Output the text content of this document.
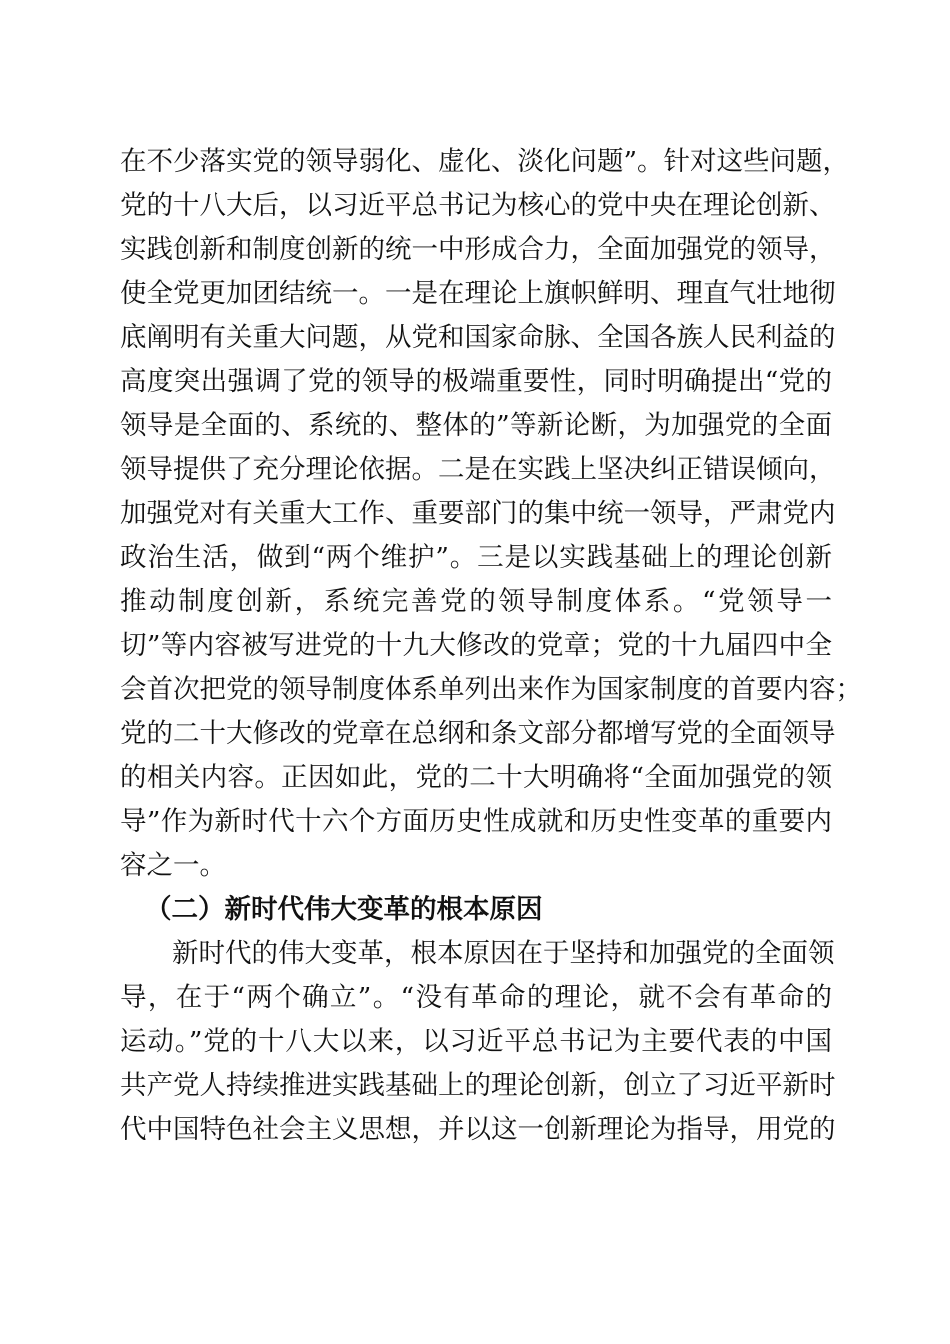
在不少落实党的领导弱化、虚化、淡化问题”。针对这些问题，
党的十八大后，以习近平总书记为核心的党中央在理论创新、
实践创新和制度创新的统一中形成合力，全面加强党的领导，
使全党更加团结统一。一是在理论上旗帜鲜明、理直气壮地彻
底阐明有关重大问题，从党和国家命脉、全国各族人民利益的
高度突出强调了党的领导的极端重要性，同时明确提出“党的
领导是全面的、系统的、整体的”等新论断，为加强党的全面
领导提供了充分理论依据。二是在实践上坚决纠正错误倾向，
加强党对有关重大工作、重要部门的集中统一领导，严肃党内
政治生活，做到“两个维护”。三是以实践基础上的理论创新
推动制度创新，系统完善党的领导制度体系。“党领导一
切”等内容被写进党的十九大修改的党章；党的十九届四中全
会首次把党的领导制度体系单列出来作为国家制度的首要内容；
党的二十大修改的党章在总纲和条文部分都增写党的全面领导
的相关内容。正因如此，党的二十大明确将“全面加强党的领
导”作为新时代十六个方面历史性成就和历史性变革的重要内
容之一。
（二）新时代伟大变革的根本原因
新时代的伟大变革，根本原因在于坚持和加强党的全面领
导，在于“两个确立”。“没有革命的理论，就不会有革命的
运动。”党的十八大以来，以习近平总书记为主要代表的中国
共产党人持续推进实践基础上的理论创新，创立了习近平新时
代中国特色社会主义思想，并以这一创新理论为指导，用党的
